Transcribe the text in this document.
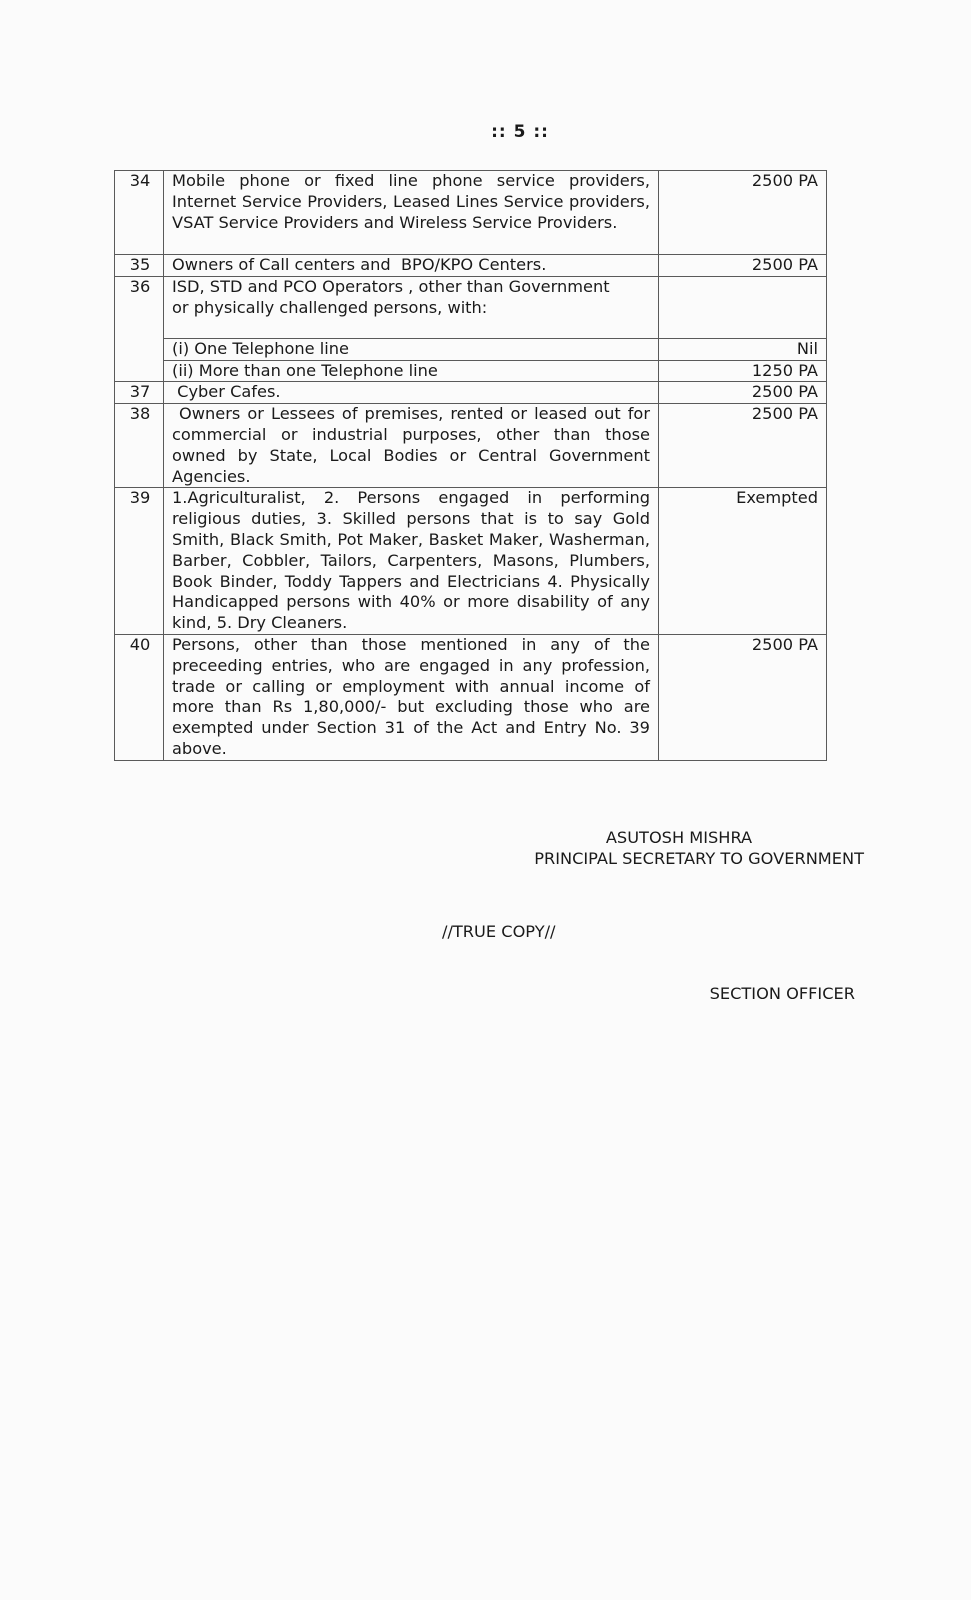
:: 5 ::
34	Mobile phone or fixed line phone service providers, Internet Service Providers, Leased Lines Service providers, VSAT Service Providers and Wireless Service Providers.	2500 PA
35	Owners of Call centers and  BPO/KPO Centers.	2500 PA
36	ISD, STD and PCO Operators , other than Government or physically challenged persons, with:	
	(i) One Telephone line	Nil
	(ii) More than one Telephone line	1250 PA
37	Cyber Cafes.	2500 PA
38	Owners or Lessees of premises, rented or leased out for  commercial or industrial purposes, other than those owned by State, Local Bodies or Central Government Agencies.	2500 PA
39	1.Agriculturalist, 2. Persons engaged in performing religious duties, 3. Skilled persons that is to say Gold Smith, Black Smith, Pot Maker, Basket Maker, Washerman, Barber, Cobbler, Tailors, Carpenters, Masons, Plumbers, Book Binder, Toddy Tappers and Electricians 4. Physically Handicapped persons with 40% or more disability of any kind, 5. Dry Cleaners.	Exempted
40	Persons, other than those mentioned in any of the preceeding entries, who are engaged in any profession, trade or calling or employment with annual income of more than Rs 1,80,000/- but excluding those who are exempted under Section 31 of the Act and Entry No. 39 above.	2500 PA
ASUTOSH MISHRA
PRINCIPAL SECRETARY TO GOVERNMENT
//TRUE COPY//
SECTION OFFICER
